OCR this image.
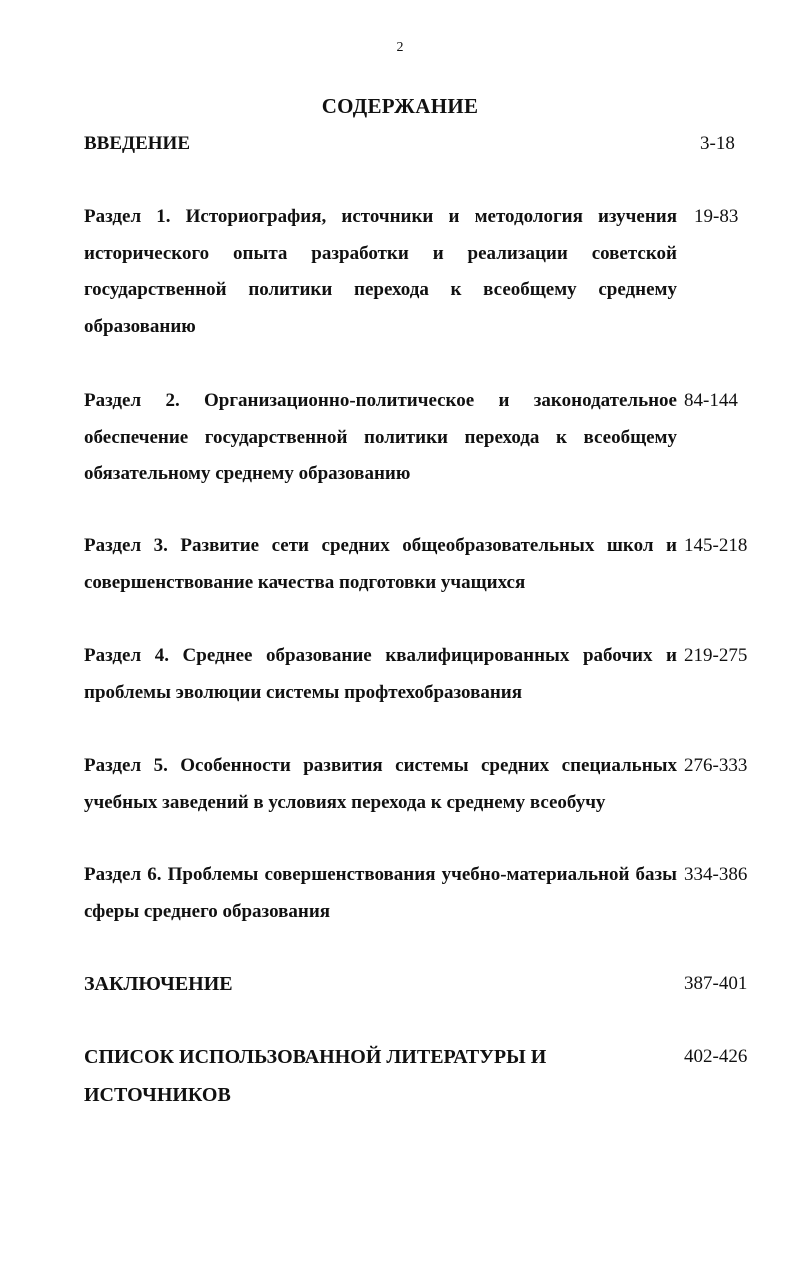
2
СОДЕРЖАНИЕ
ВВЕДЕНИЕ	3-18
Раздел 1. Историография, источники и методология изучения исторического опыта разработки и реализации советской государственной политики перехода к всеобщему среднему образованию
19-83
Раздел 2. Организационно-политическое и законодательное обеспечение государственной политики перехода к всеобщему обязательному среднему образованию
84-144
Раздел 3. Развитие сети средних общеобразовательных школ и совершенствование качества подготовки учащихся
145-218
Раздел 4. Среднее образование квалифицированных рабочих и проблемы эволюции системы профтехобразования
219-275
Раздел 5. Особенности развития системы средних специальных учебных заведений в условиях перехода к среднему всеобучу
276-333
Раздел 6. Проблемы совершенствования учебно-материальной базы сферы среднего образования
334-386
ЗАКЛЮЧЕНИЕ	387-401
СПИСОК ИСПОЛЬЗОВАННОЙ ЛИТЕРАТУРЫ И ИСТОЧНИКОВ
402-426
